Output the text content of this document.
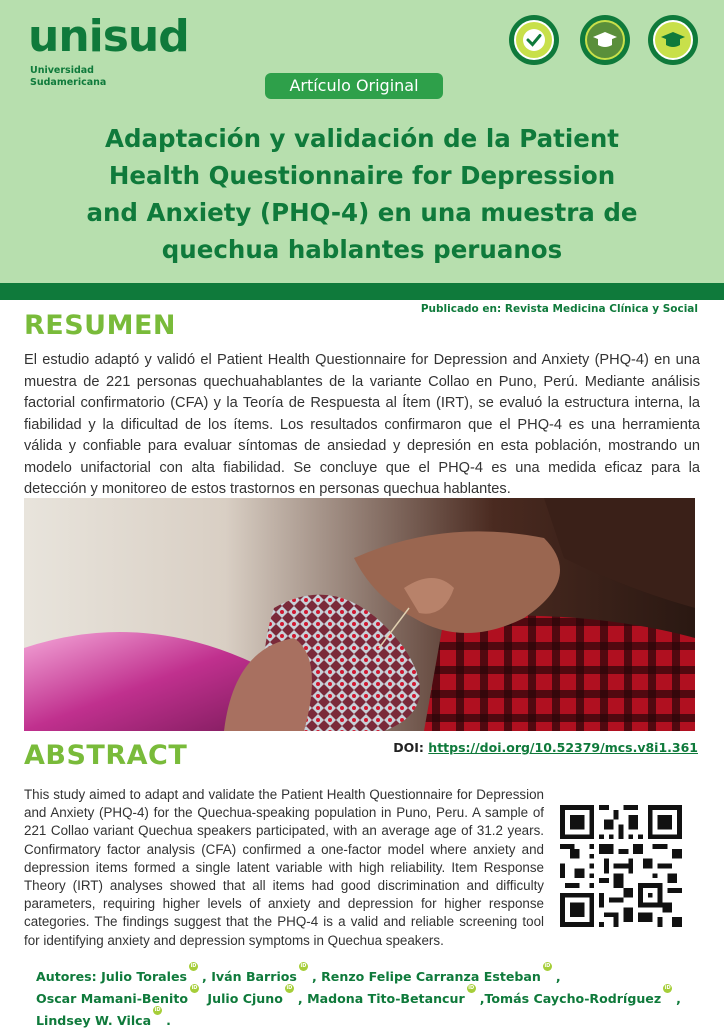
unisud
Universidad
Sudamericana	Artículo Original
Adaptación y validación de la Patient
Health Questionnaire for Depression
and Anxiety (PHQ-4) en una muestra de
quechua hablantes peruanos
Publicado en: Revista Medicina Clínica y Social
RESUMEN
El estudio adaptó y validó el Patient Health Questionnaire for Depression and Anxiety (PHQ-4) en una muestra de 221 personas quechuahablantes de la variante Collao en Puno, Perú. Mediante análisis factorial confirmatorio (CFA) y la Teoría de Respuesta al Ítem (IRT), se evaluó la estructura interna, la fiabilidad y la dificultad de los ítems. Los resultados confirmaron que el PHQ-4 es una herramienta válida y confiable para evaluar síntomas de ansiedad y depresión en esta población, mostrando un modelo unifactorial con alta fiabilidad. Se concluye que el PHQ-4 es una medida eficaz para la detección y monitoreo de estos trastornos en personas quechua hablantes.
ABSTRACT	DOI: https://doi.org/10.52379/mcs.v8i1.361
This study aimed to adapt and validate the Patient Health Questionnaire for Depression and Anxiety (PHQ-4) for the Quechua-speaking population in Puno, Peru. A sample of 221 Collao variant Quechua speakers participated, with an average age of 31.2 years. Confirmatory factor analysis (CFA) confirmed a one-factor model where anxiety and depression items formed a single latent variable with high reliability. Item Response Theory (IRT) analyses showed that all items had good discrimination and difficulty parameters, requiring higher levels of anxiety and depression for higher response categories. The findings suggest that the PHQ-4 is a valid and reliable screening tool for identifying anxiety and depression symptoms in Quechua speakers.
Autores: Julio ToralesiD, Iván BarriosiD, Renzo Felipe Carranza EstebaniD, Oscar Mamani-BenitoiD Julio CjunoiD, Madona Tito-BetancuriD,Tomás Caycho-RodrígueziD, Lindsey W. VilcaiD.
